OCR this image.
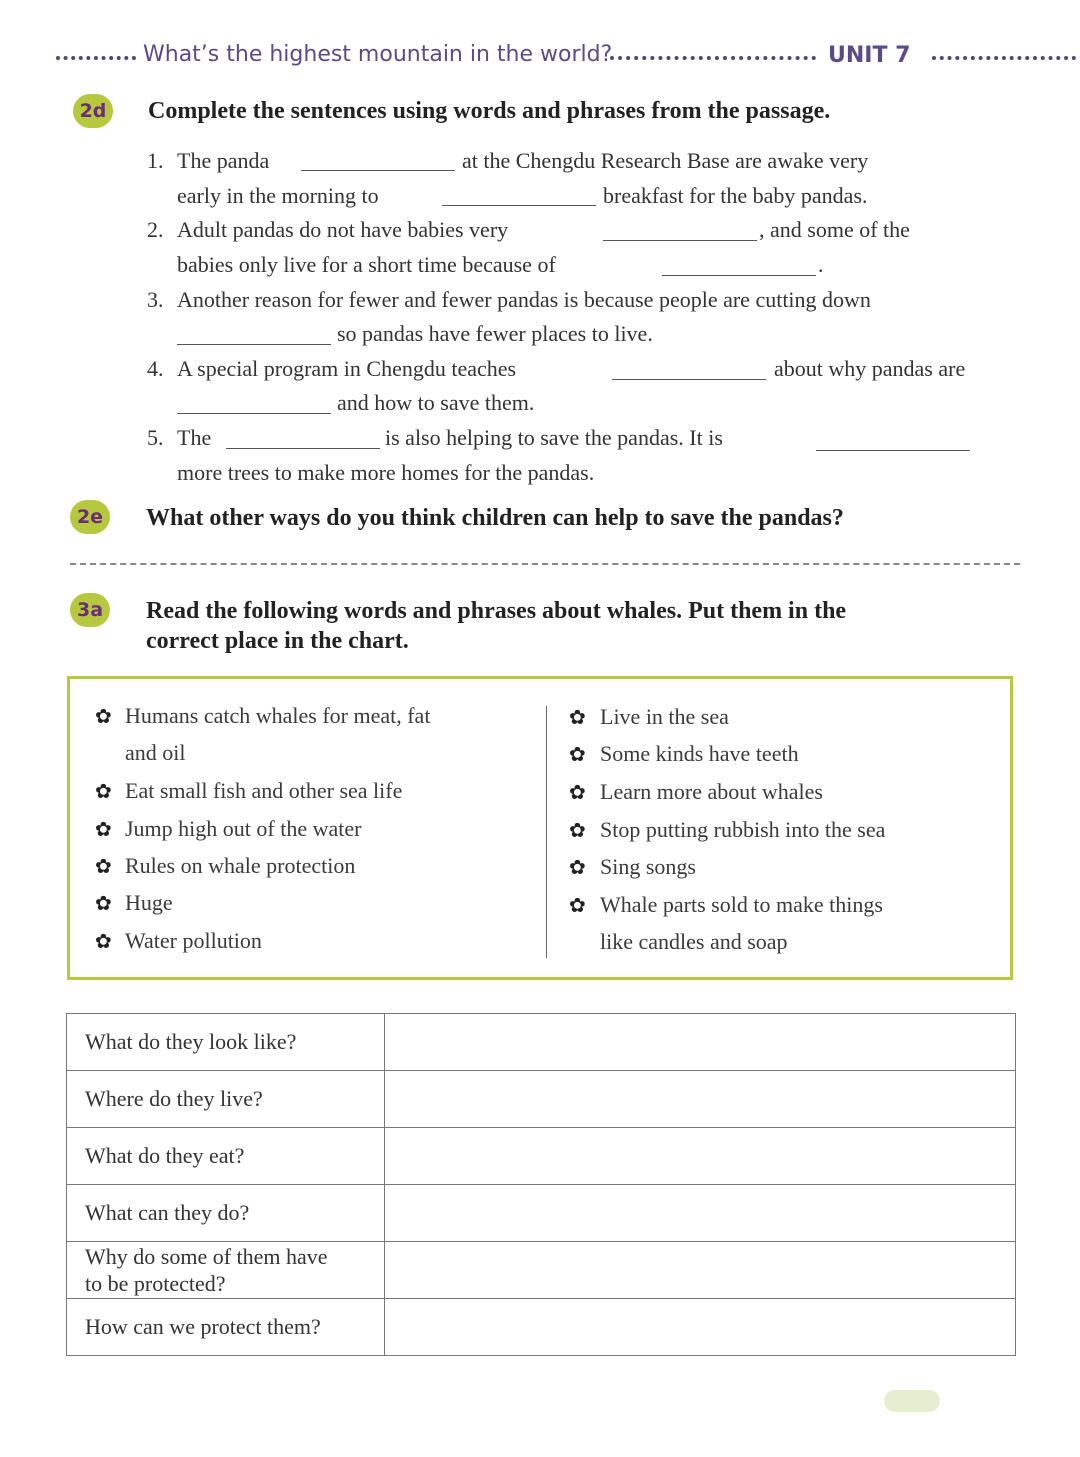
What’s the highest mountain in the world?	UNIT 7
2d Complete the sentences using words and phrases from the passage.
1. The panda	at the Chengdu Research Base are awake very
early in the morning to	breakfast for the baby pandas.
2. Adult pandas do not have babies very	, and some of the
babies only live for a short time because of	.
3. Another reason for fewer and fewer pandas is because people are cutting down
so pandas have fewer places to live.
4. A special program in Chengdu teaches	about why pandas are
and how to save them.
5. The	is also helping to save the pandas. It is
more trees to make more homes for the pandas.
2e What other ways do you think children can help to save the pandas?
3a Read the following words and phrases about whales. Put them in the
correct place in the chart.
✿ Humans catch whales for meat, fat
and oil
✿ Eat small fish and other sea life
✿ Jump high out of the water
✿ Rules on whale protection
✿ Huge
✿ Water pollution
✿ Live in the sea
✿ Some kinds have teeth
✿ Learn more about whales
✿ Stop putting rubbish into the sea
✿ Sing songs
✿ Whale parts sold to make things
like candles and soap
What do they look like?	
Where do they live?	
What do they eat?	
What can they do?	
Why do some of them have
to be protected?	
How can we protect them?	
